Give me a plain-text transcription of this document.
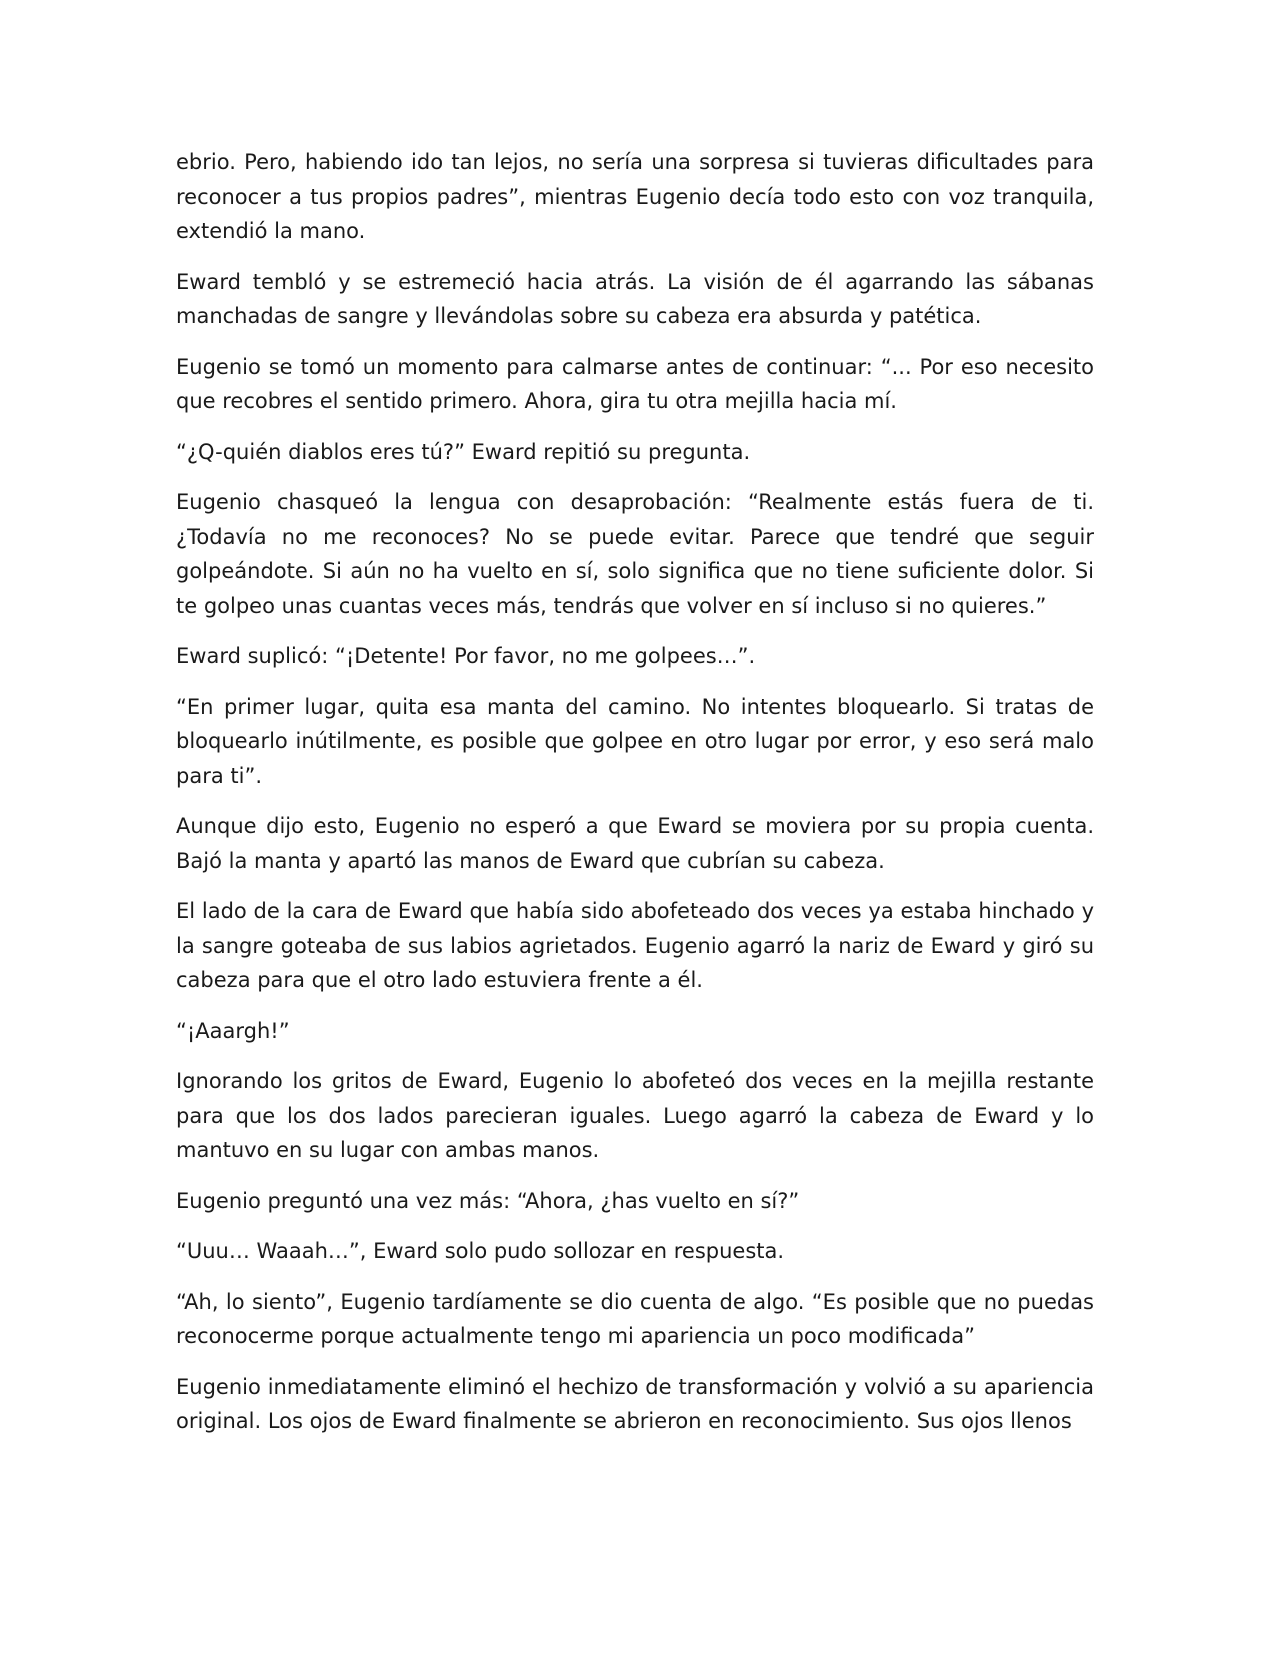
ebrio. Pero, habiendo ido tan lejos, no sería una sorpresa si tuvieras dificultades para reconocer a tus propios padres”, mientras Eugenio decía todo esto con voz tranquila, extendió la mano.

Eward tembló y se estremeció hacia atrás. La visión de él agarrando las sábanas manchadas de sangre y llevándolas sobre su cabeza era absurda y patética.

Eugenio se tomó un momento para calmarse antes de continuar: “... Por eso necesito que recobres el sentido primero. Ahora, gira tu otra mejilla hacia mí.

“¿Q-quién diablos eres tú?” Eward repitió su pregunta.

Eugenio chasqueó la lengua con desaprobación: “Realmente estás fuera de ti. ¿Todavía no me reconoces? No se puede evitar. Parece que tendré que seguir golpeándote. Si aún no ha vuelto en sí, solo significa que no tiene suficiente dolor. Si te golpeo unas cuantas veces más, tendrás que volver en sí incluso si no quieres.”

Eward suplicó: “¡Detente! Por favor, no me golpees…”.

“En primer lugar, quita esa manta del camino. No intentes bloquearlo. Si tratas de bloquearlo inútilmente, es posible que golpee en otro lugar por error, y eso será malo para ti”.

Aunque dijo esto, Eugenio no esperó a que Eward se moviera por su propia cuenta. Bajó la manta y apartó las manos de Eward que cubrían su cabeza.

El lado de la cara de Eward que había sido abofeteado dos veces ya estaba hinchado y la sangre goteaba de sus labios agrietados. Eugenio agarró la nariz de Eward y giró su cabeza para que el otro lado estuviera frente a él.

“¡Aaargh!”

Ignorando los gritos de Eward, Eugenio lo abofeteó dos veces en la mejilla restante para que los dos lados parecieran iguales. Luego agarró la cabeza de Eward y lo mantuvo en su lugar con ambas manos.

Eugenio preguntó una vez más: “Ahora, ¿has vuelto en sí?”

“Uuu… Waaah…”, Eward solo pudo sollozar en respuesta.

“Ah, lo siento”, Eugenio tardíamente se dio cuenta de algo. “Es posible que no puedas reconocerme porque actualmente tengo mi apariencia un poco modificada”

Eugenio inmediatamente eliminó el hechizo de transformación y volvió a su apariencia original. Los ojos de Eward finalmente se abrieron en reconocimiento. Sus ojos llenos
